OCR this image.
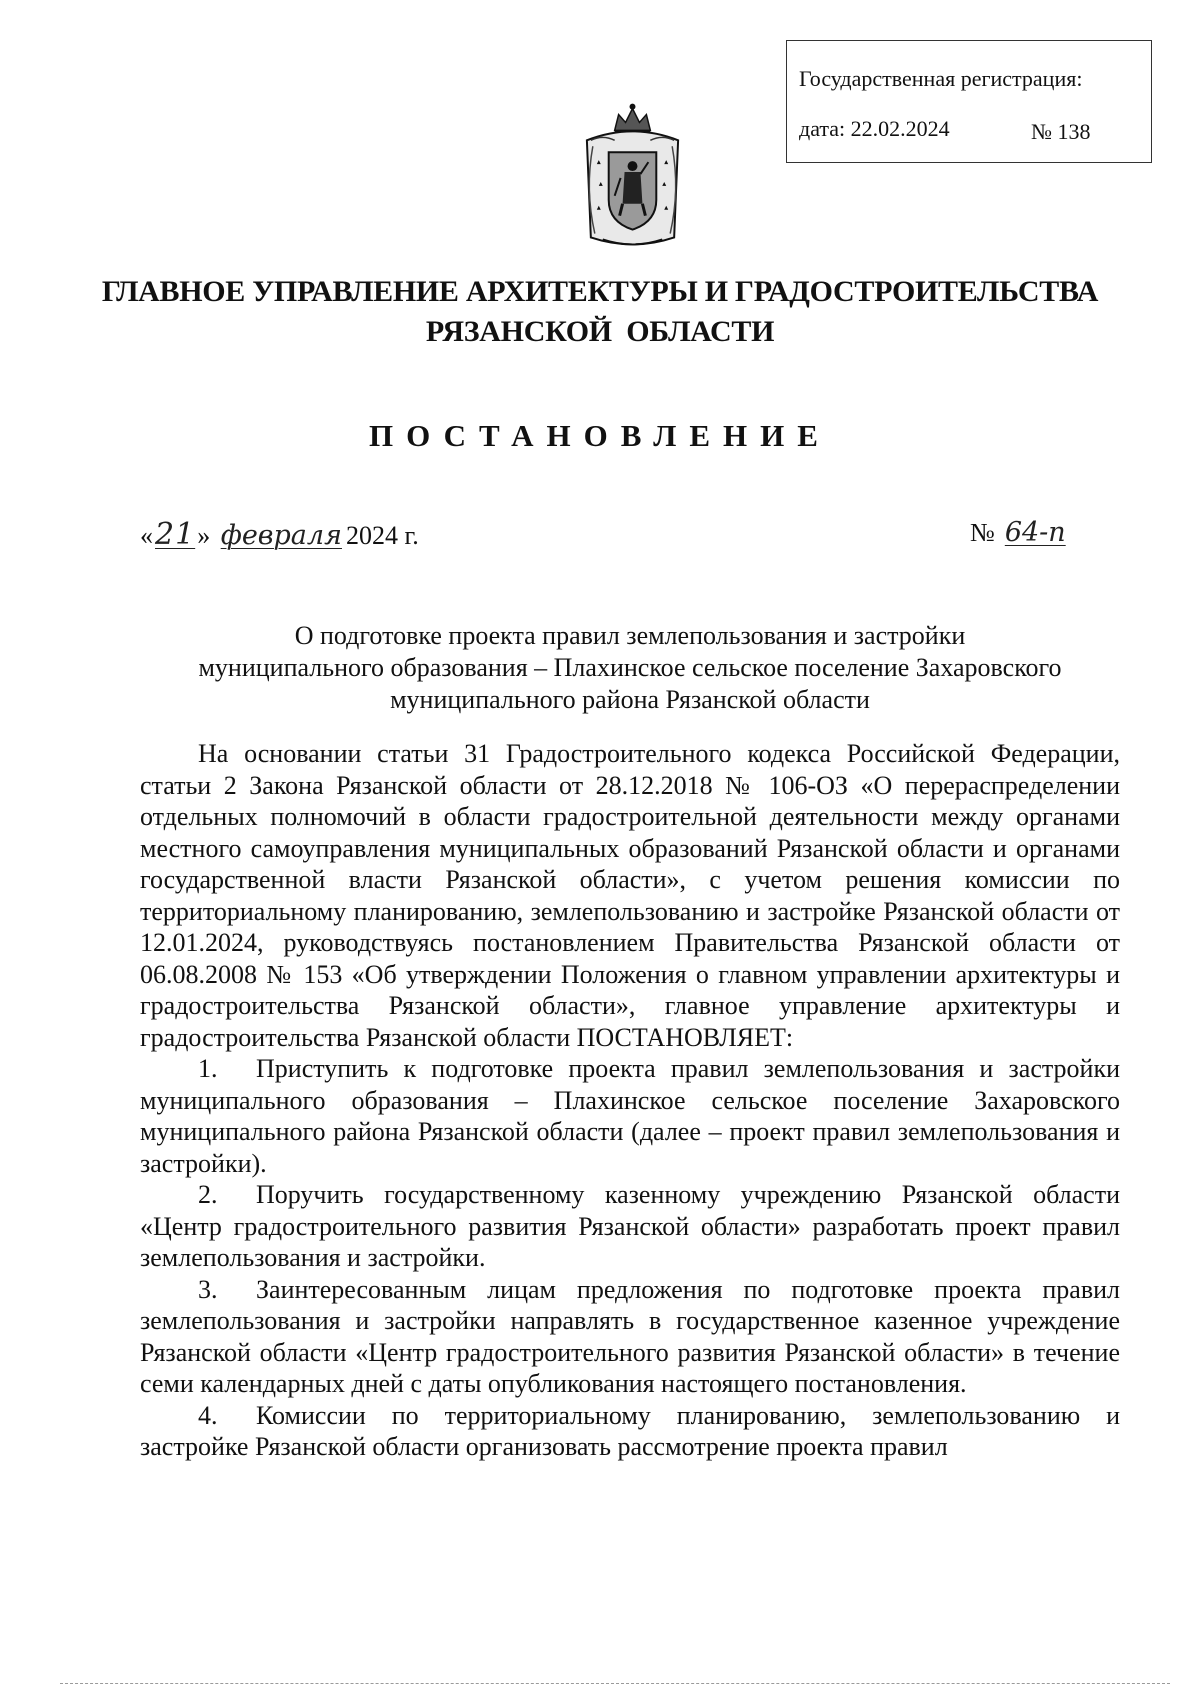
Государственная регистрация:
дата: 22.02.2024	№ 138
ГЛАВНОЕ УПРАВЛЕНИЕ АРХИТЕКТУРЫ И ГРАДОСТРОИТЕЛЬСТВА
РЯЗАНСКОЙ  ОБЛАСТИ
ПОСТАНОВЛЕНИЕ
«21» февраля 2024 г.	№ 64-п
О подготовке проекта правил землепользования и застройки
муниципального образования – Плахинское сельское поселение Захаровского
муниципального района Рязанской области

На основании статьи 31 Градостроительного кодекса Российской Федерации, статьи 2 Закона Рязанской области от 28.12.2018 № 106-ОЗ «О перераспределении отдельных полномочий в области градостроительной деятельности между органами местного самоуправления муниципальных образований Рязанской области и органами государственной власти Рязанской области», с учетом решения комиссии по территориальному планированию, землепользованию и застройке Рязанской области от 12.01.2024, руководствуясь постановлением Правительства Рязанской области от 06.08.2008 № 153 «Об утверждении Положения о главном управлении архитектуры и градостроительства Рязанской области», главное управление архитектуры и градостроительства Рязанской области ПОСТАНОВЛЯЕТ:

1. Приступить к подготовке проекта правил землепользования и застройки муниципального образования – Плахинское сельское поселение Захаровского муниципального района Рязанской области (далее – проект правил землепользования и застройки).

2. Поручить государственному казенному учреждению Рязанской области «Центр градостроительного развития Рязанской области» разработать проект правил землепользования и застройки.

3. Заинтересованным лицам предложения по подготовке проекта правил землепользования и застройки направлять в государственное казенное учреждение Рязанской области «Центр градостроительного развития Рязанской области» в течение семи календарных дней с даты опубликования настоящего постановления.

4. Комиссии по территориальному планированию, землепользованию и застройке Рязанской области организовать рассмотрение проекта правил
